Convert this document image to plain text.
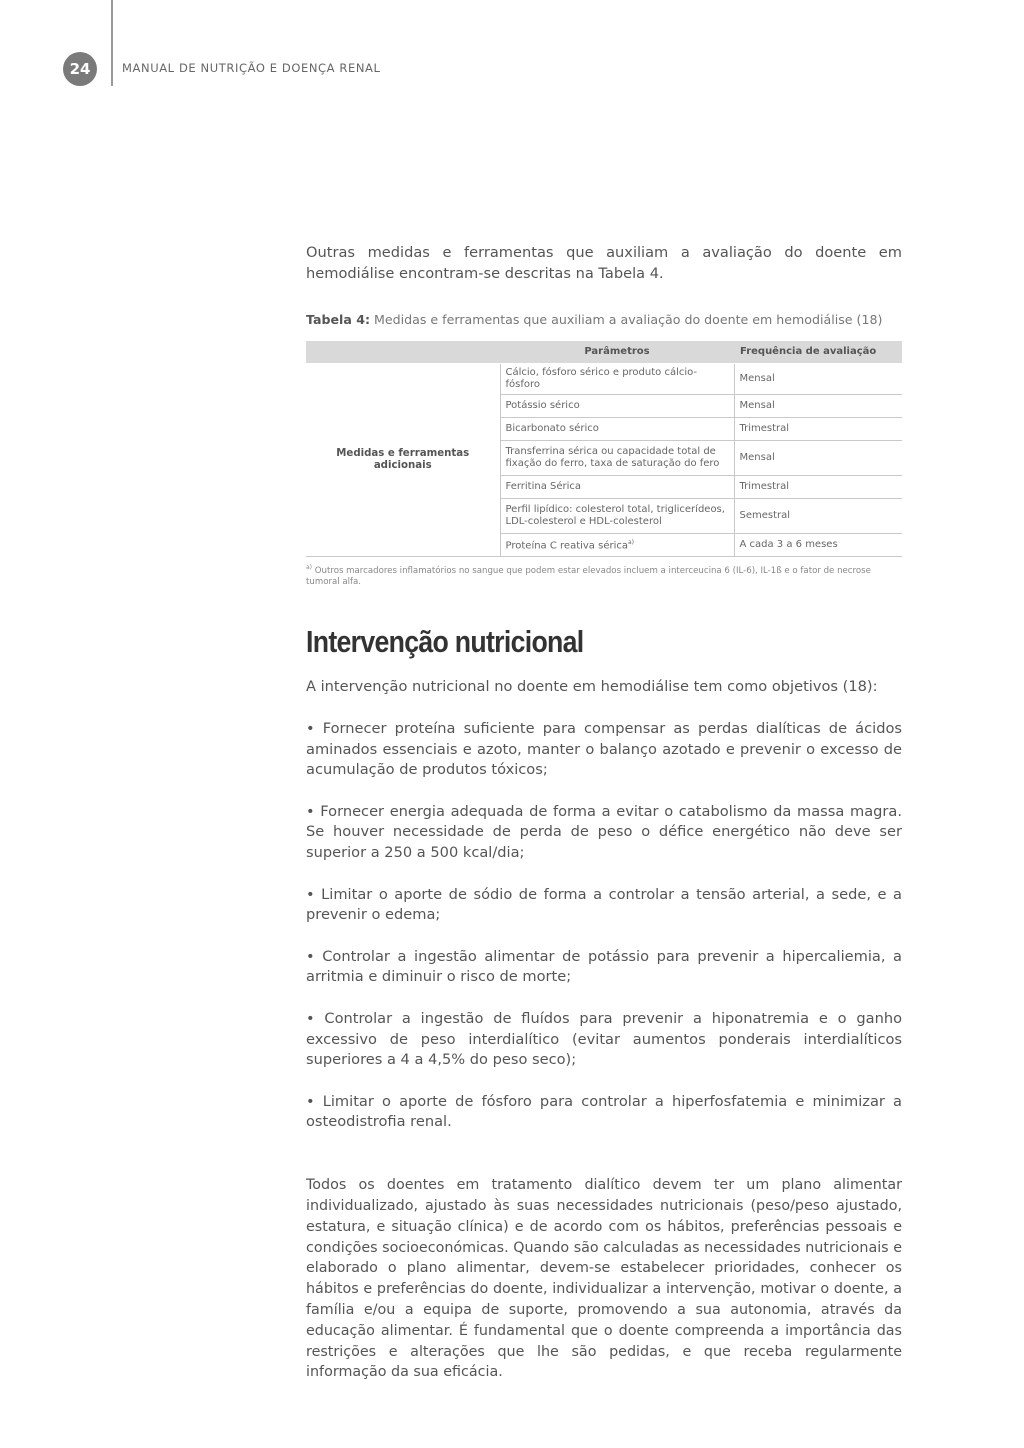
24	MANUAL DE NUTRIÇÃO E DOENÇA RENAL

Outras medidas e ferramentas que auxiliam a avaliação do doente em hemodiálise encontram-se descritas na Tabela 4.

Tabela 4: Medidas e ferramentas que auxiliam a avaliação do doente em hemodiálise (18)
	Parâmetros	Frequência de avaliação
Medidas e ferramentas adicionais	Cálcio, fósforo sérico e produto cálcio-fósforo	Mensal
	Potássio sérico	Mensal
	Bicarbonato sérico	Trimestral
	Transferrina sérica ou capacidade total de fixação do ferro, taxa de saturação do fero	Mensal
	Ferritina Sérica	Trimestral
	Perfil lipídico: colesterol total, triglicerídeos, LDL-colesterol e HDL-colesterol	Semestral
	Proteína C reativa sérica$^{a)}$	A cada 3 a 6 meses
$^{a)}$ Outros marcadores inflamatórios no sangue que podem estar elevados incluem a interceucina 6 (IL-6), IL-1ß e o fator de necrose tumoral alfa.
Intervenção nutricional

A intervenção nutricional no doente em hemodiálise tem como objetivos (18):

• Fornecer proteína suficiente para compensar as perdas dialíticas de ácidos aminados essenciais e azoto, manter o balanço azotado e prevenir o excesso de acumulação de produtos tóxicos;

• Fornecer energia adequada de forma a evitar o catabolismo da massa magra. Se houver necessidade de perda de peso o défice energético não deve ser superior a 250 a 500 kcal/dia;

• Limitar o aporte de sódio de forma a controlar a tensão arterial, a sede, e a prevenir o edema;

• Controlar a ingestão alimentar de potássio para prevenir a hipercaliemia, a arritmia e diminuir o risco de morte;

• Controlar a ingestão de fluídos para prevenir a hiponatremia e o ganho excessivo de peso interdialítico (evitar aumentos ponderais interdialíticos superiores a 4 a 4,5% do peso seco);

• Limitar o aporte de fósforo para controlar a hiperfosfatemia e minimizar a osteodistrofia renal.

Todos os doentes em tratamento dialítico devem ter um plano alimentar individualizado, ajustado às suas necessidades nutricionais (peso/peso ajustado, estatura, e situação clínica) e de acordo com os hábitos, preferências pessoais e condições socioeconómicas. Quando são calculadas as necessidades nutricionais e elaborado o plano alimentar, devem-se estabelecer prioridades, conhecer os hábitos e preferências do doente, individualizar a intervenção, motivar o doente, a família e/ou a equipa de suporte, promovendo a sua autonomia, através da educação alimentar. É fundamental que o doente compreenda a importância das restrições e alterações que lhe são pedidas, e que receba regularmente informação da sua eficácia.
